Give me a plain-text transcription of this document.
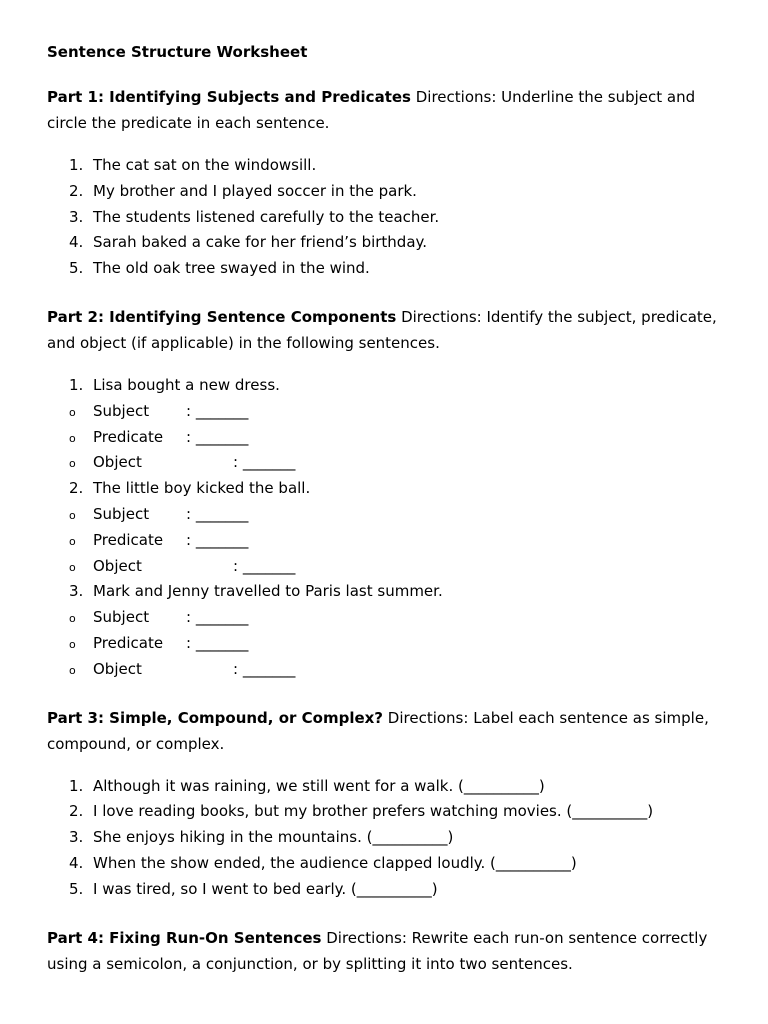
Sentence Structure Worksheet

Part 1: Identifying Subjects and Predicates Directions: Underline the subject and circle the predicate in each sentence.

1. The cat sat on the windowsill.
2. My brother and I played soccer in the park.
3. The students listened carefully to the teacher.
4. Sarah baked a cake for her friend’s birthday.
5. The old oak tree swayed in the wind.

Part 2: Identifying Sentence Components Directions: Identify the subject, predicate, and object (if applicable) in the following sentences.

1. Lisa bought a new dress.
o Subject : _______
o Predicate : _______
o Object	: _______
2. The little boy kicked the ball.
o Subject : _______
o Predicate : _______
o Object	: _______
3. Mark and Jenny travelled to Paris last summer.
o Subject : _______
o Predicate : _______
o Object	: _______

Part 3: Simple, Compound, or Complex? Directions: Label each sentence as simple, compound, or complex.

1. Although it was raining, we still went for a walk. (__________)
2. I love reading books, but my brother prefers watching movies. (__________)
3. She enjoys hiking in the mountains. (__________)
4. When the show ended, the audience clapped loudly. (__________)
5. I was tired, so I went to bed early. (__________)

Part 4: Fixing Run-On Sentences Directions: Rewrite each run-on sentence correctly using a semicolon, a conjunction, or by splitting it into two sentences.
